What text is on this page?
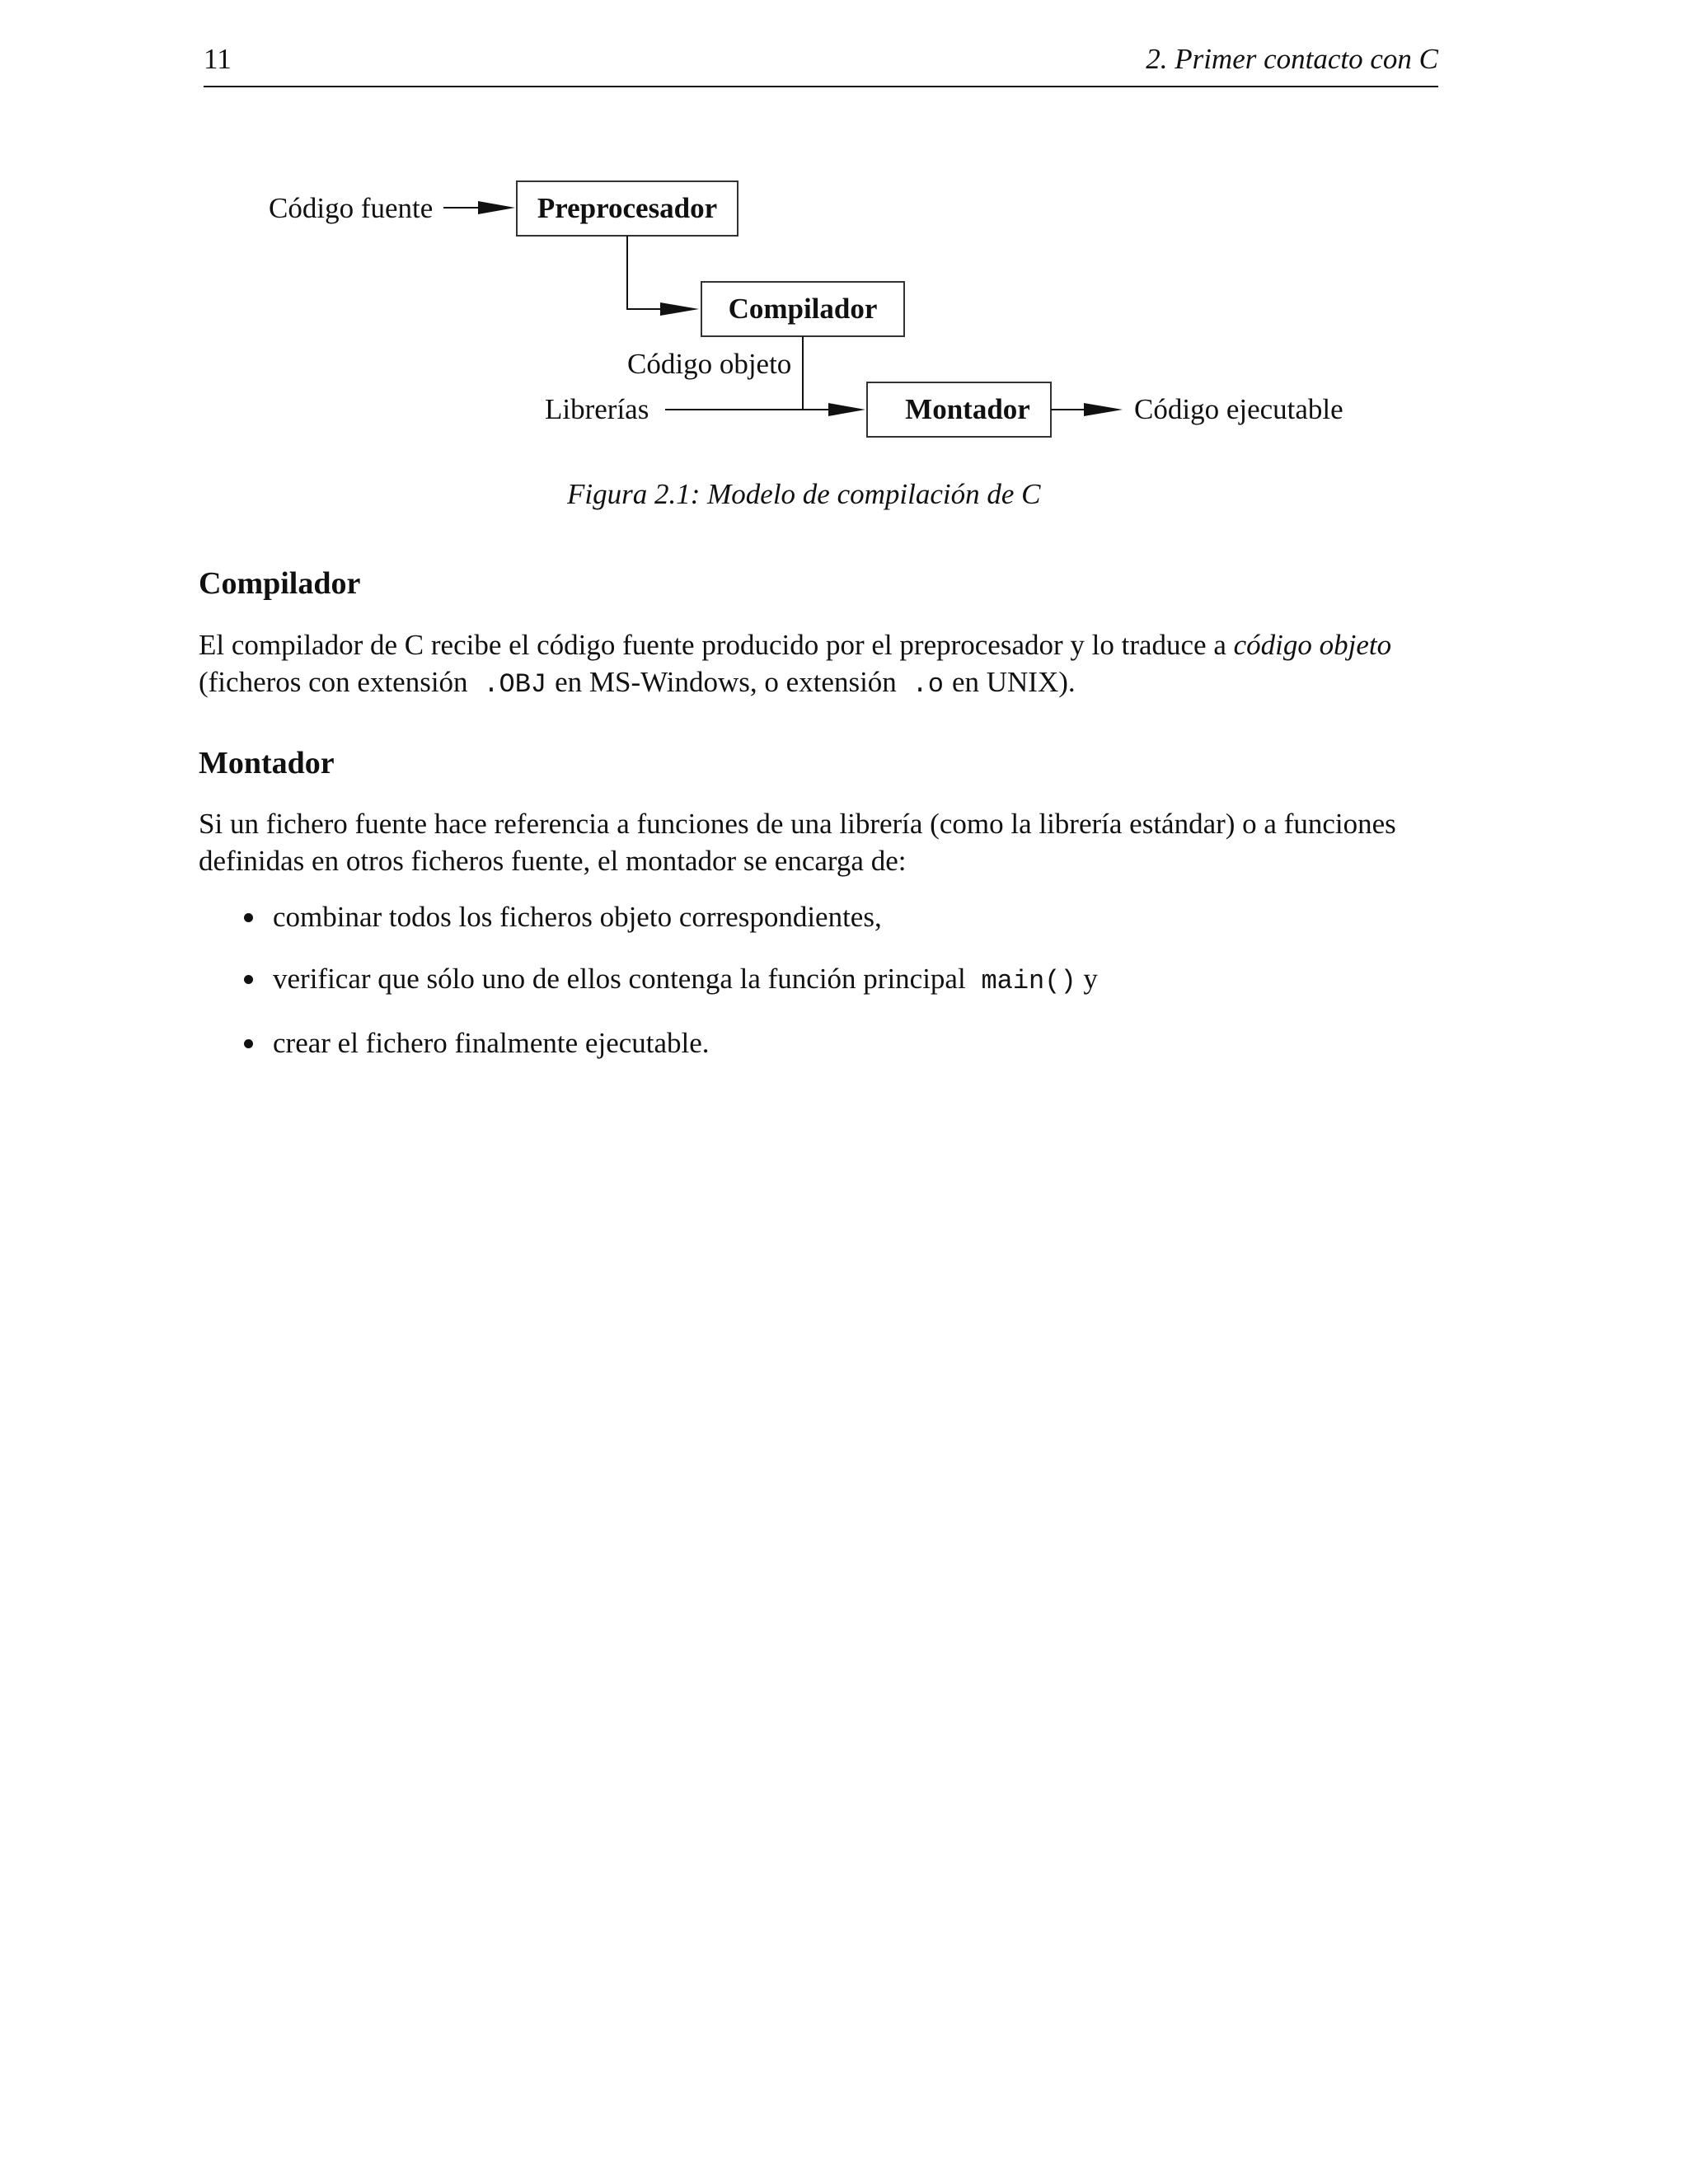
11	2. Primer contacto con C
Código fuente	Preprocesador
Compilador
Código objeto
Librerías	Montador	Código ejecutable
Figura 2.1: Modelo de compilación de C
Compilador

El compilador de C recibe el código fuente producido por el preprocesador y lo traduce a código objeto
(ficheros con extensión .OBJ en MS-Windows, o extensión .o en UNIX).

Montador

Si un fichero fuente hace referencia a funciones de una librería (como la librería estándar) o a funciones definidas en otros ficheros fuente, el montador se encarga de:

combinar todos los ficheros objeto correspondientes,
verificar que sólo uno de ellos contenga la función principal main() y
crear el fichero finalmente ejecutable.
